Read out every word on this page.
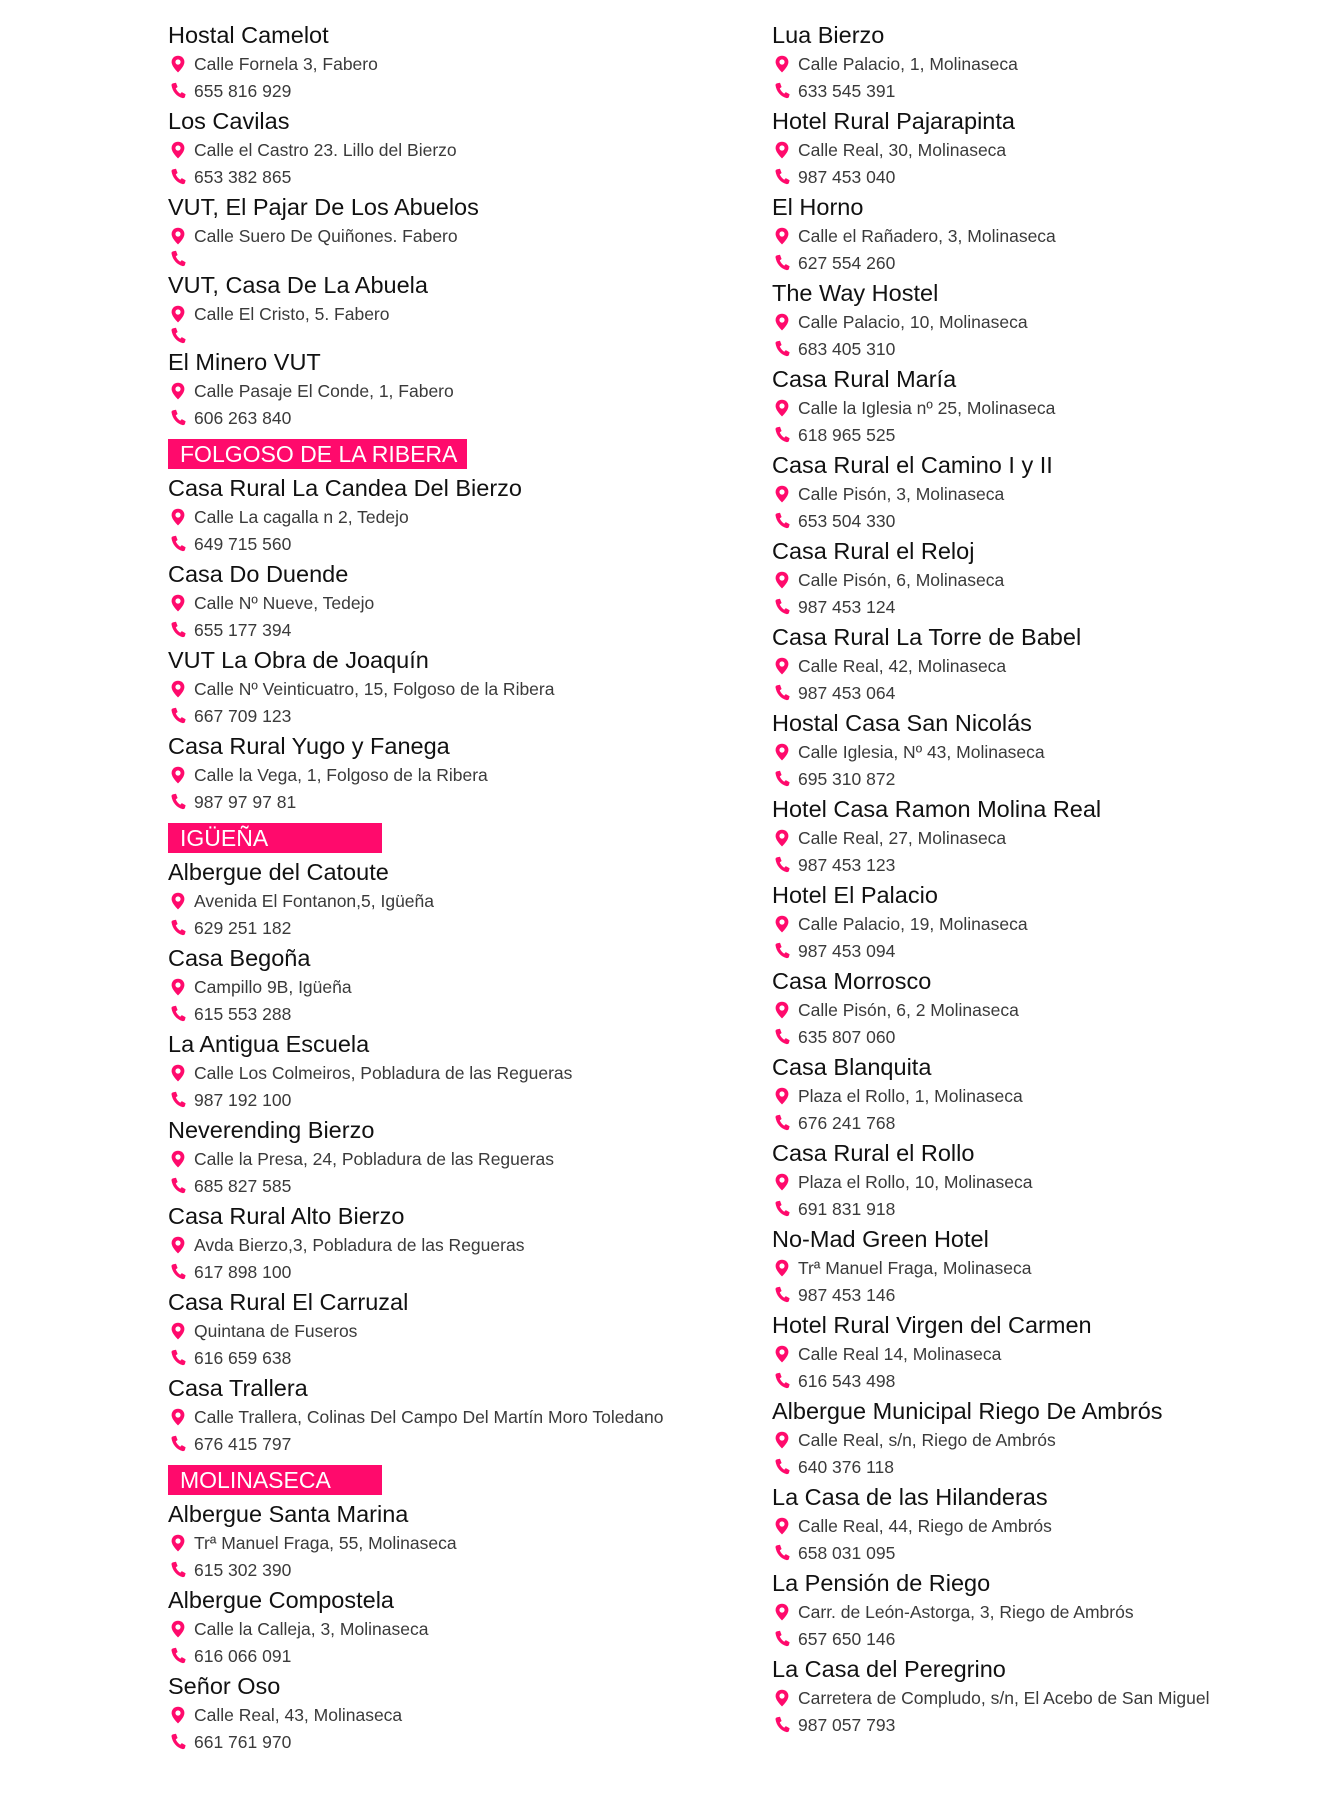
Hostal Camelot
Calle Fornela 3, Fabero
655 816 929
Los Cavilas
Calle el Castro 23. Lillo del Bierzo
653 382 865
VUT, El Pajar De Los Abuelos
Calle Suero De Quiñones. Fabero
VUT, Casa De La Abuela
Calle El Cristo, 5. Fabero
El Minero VUT
Calle Pasaje El Conde, 1, Fabero
606 263 840
FOLGOSO DE LA RIBERA
Casa Rural La Candea Del Bierzo
Calle La cagalla n 2, Tedejo
649 715 560
Casa Do Duende
Calle Nº Nueve, Tedejo
655 177 394
VUT La Obra de Joaquín
Calle Nº Veinticuatro, 15, Folgoso de la Ribera
667 709 123
Casa Rural Yugo y Fanega
Calle la Vega, 1, Folgoso de la Ribera
987 97 97 81
IGÜEÑA
Albergue del Catoute
Avenida El Fontanon,5, Igüeña
629 251 182
Casa Begoña
Campillo 9B, Igüeña
615 553 288
La Antigua Escuela
Calle Los Colmeiros, Pobladura de las Regueras
987 192 100
Neverending Bierzo
Calle la Presa, 24, Pobladura de las Regueras
685 827 585
Casa Rural Alto Bierzo
Avda Bierzo,3, Pobladura de las Regueras
617 898 100
Casa Rural El Carruzal
Quintana de Fuseros
616 659 638
Casa Trallera
Calle Trallera, Colinas Del Campo Del Martín Moro Toledano
676 415 797
MOLINASECA
Albergue Santa Marina
Trª Manuel Fraga, 55, Molinaseca
615 302 390
Albergue Compostela
Calle la Calleja, 3, Molinaseca
616 066 091
Señor Oso
Calle Real, 43, Molinaseca
661 761 970
Lua Bierzo
Calle Palacio, 1, Molinaseca
633 545 391
Hotel Rural Pajarapinta
Calle Real, 30, Molinaseca
987 453 040
El Horno
Calle el Rañadero, 3, Molinaseca
627 554 260
The Way Hostel
Calle Palacio, 10, Molinaseca
683 405 310
Casa Rural María
Calle la Iglesia nº 25, Molinaseca
618 965 525
Casa Rural el Camino I y II
Calle Pisón, 3, Molinaseca
653 504 330
Casa Rural el Reloj
Calle Pisón, 6, Molinaseca
987 453 124
Casa Rural La Torre de Babel
Calle Real, 42, Molinaseca
987 453 064
Hostal Casa San Nicolás
Calle Iglesia, Nº 43, Molinaseca
695 310 872
Hotel Casa Ramon Molina Real
Calle Real, 27, Molinaseca
987 453 123
Hotel El Palacio
Calle Palacio, 19, Molinaseca
987 453 094
Casa Morrosco
Calle Pisón, 6, 2 Molinaseca
635 807 060
Casa Blanquita
Plaza el Rollo, 1, Molinaseca
676 241 768
Casa Rural el Rollo
Plaza el Rollo, 10, Molinaseca
691 831 918
No-Mad Green Hotel
Trª Manuel Fraga, Molinaseca
987 453 146
Hotel Rural Virgen del Carmen
Calle Real 14, Molinaseca
616 543 498
Albergue Municipal Riego De Ambrós
Calle Real, s/n, Riego de Ambrós
640 376 118
La Casa de las Hilanderas
Calle Real, 44, Riego de Ambrós
658 031 095
La Pensión de Riego
Carr. de León-Astorga, 3, Riego de Ambrós
657 650 146
La Casa del Peregrino
Carretera de Compludo, s/n, El Acebo de San Miguel
987 057 793
